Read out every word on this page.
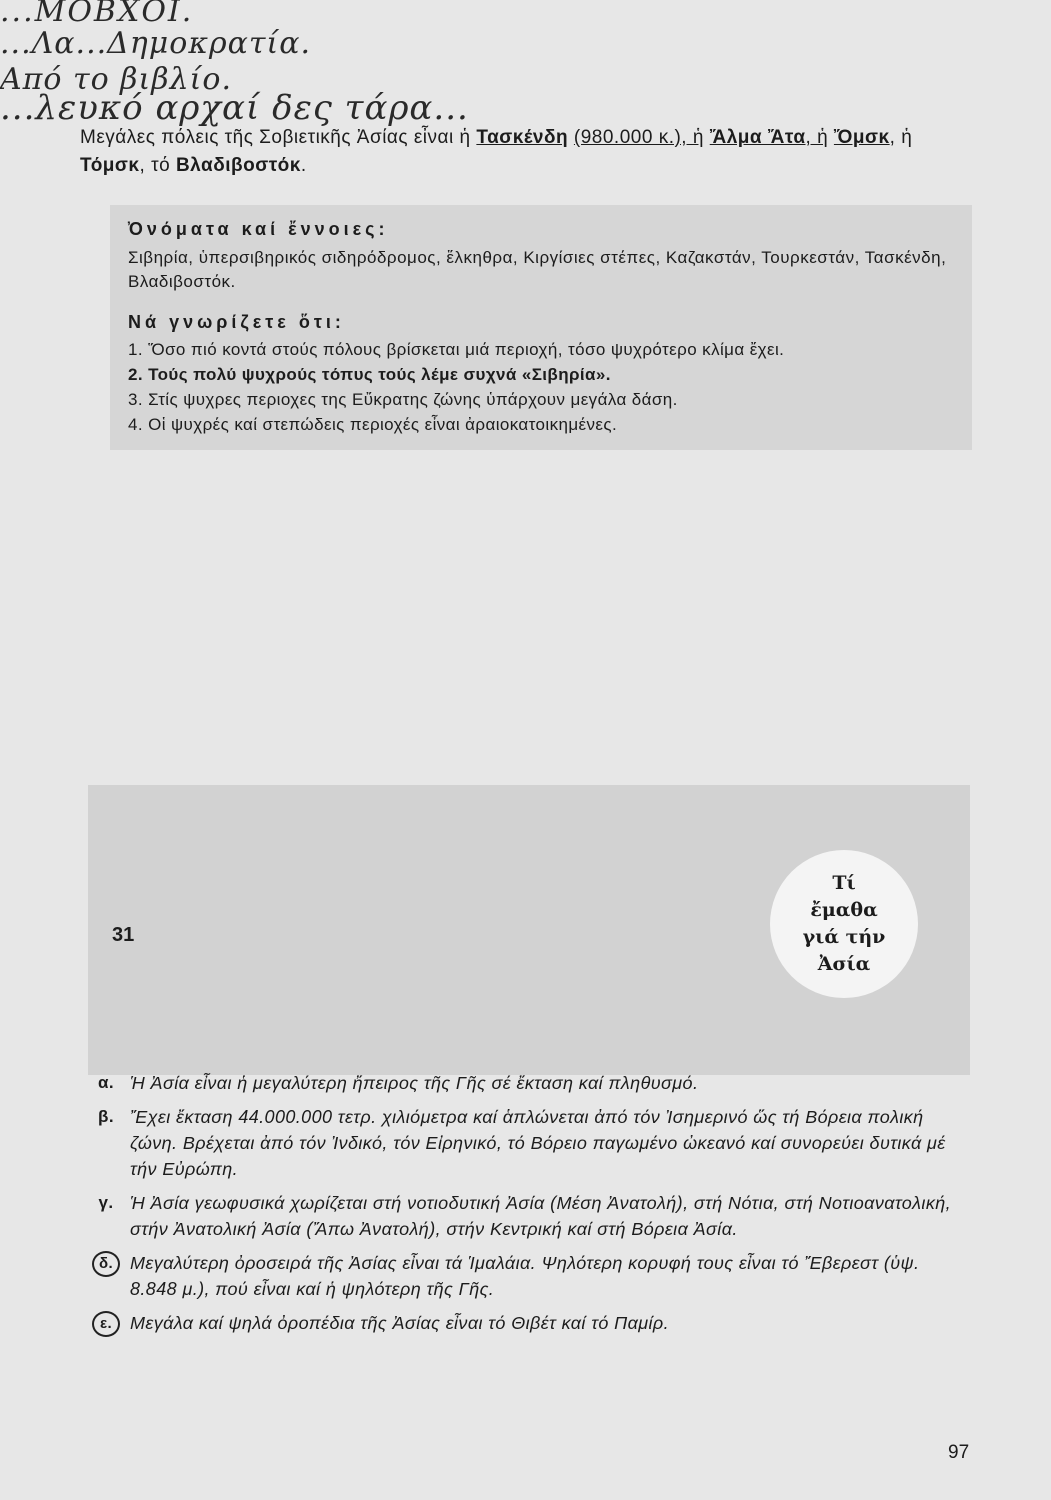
...ΜΟΒΧΟΙ.
...Λα...Δημοκρατία.
Από το βιβλίο.
...λευκό αρχαί δες τάρα...
Μεγάλες πόλεις τῆς Σοβιετικῆς Ἀσίας εἶναι ἡ Τασκένδη (980.000 κ.), ἡ Ἄλμα Ἄτα, ἡ Ὄμσκ, ἡ Τόμσκ, τό Βλαδιβοστόκ.

Ὀνόματα καί ἔννοιες:

Σιβηρία, ὑπερσιβηρικός σιδηρόδρομος, ἕλκηθρα, Κιργίσιες στέπες, Καζακστάν, Τουρκεστάν, Τασκένδη, Βλαδιβοστόκ.

Νά γνωρίζετε ὅτι:

1. Ὅσο πιό κοντά στούς πόλους βρίσκεται μιά περιοχή, τόσο ψυχρότερο κλίμα ἔχει.
2. Τούς πολύ ψυχρούς τόπυς τούς λέμε συχνά «Σιβηρία».
3. Στίς ψυχρες περιοχες της Εὔκρατης ζώνης ὑπάρχουν μεγάλα δάση.
4. Οἱ ψυχρές καί στεπώδεις περιοχές εἶναι ἀραιοκατοικημένες.
31
Τί
ἔμαθα
γιά τήν
Ἀσία
α. Ἡ Ἀσία εἶναι ἡ μεγαλύτερη ἤπειρος τῆς Γῆς σέ ἔκταση καί πληθυσμό.
β. Ἔχει ἔκταση 44.000.000 τετρ. χιλιόμετρα καί ἁπλώνεται ἀπό τόν Ἰσημερινό ὥς τή Βόρεια πολική ζώνη. Βρέχεται ἀπό τόν Ἰνδικό, τόν Εἰρηνικό, τό Βόρειο παγωμένο ὠκεανό καί συνορεύει δυτικά μέ τήν Εὐρώπη.
γ. Ἡ Ἀσία γεωφυσικά χωρίζεται στή νοτιοδυτική Ἀσία (Μέση Ἀνατολή), στή Νότια, στή Νοτιοανατολική, στήν Ἀνατολική Ἀσία (Ἄπω Ἀνατολή), στήν Κεντρική καί στή Βόρεια Ἀσία.
δ. Μεγαλύτερη ὀροσειρά τῆς Ἀσίας εἶναι τά Ἱμαλάια. Ψηλότερη κορυφή τους εἶναι τό Ἔβερεστ (ὑψ. 8.848 μ.), πού εἶναι καί ἡ ψηλότερη τῆς Γῆς.
ε. Μεγάλα καί ψηλά ὀροπέδια τῆς Ἀσίας εἶναι τό Θιβέτ καί τό Παμίρ.
97
